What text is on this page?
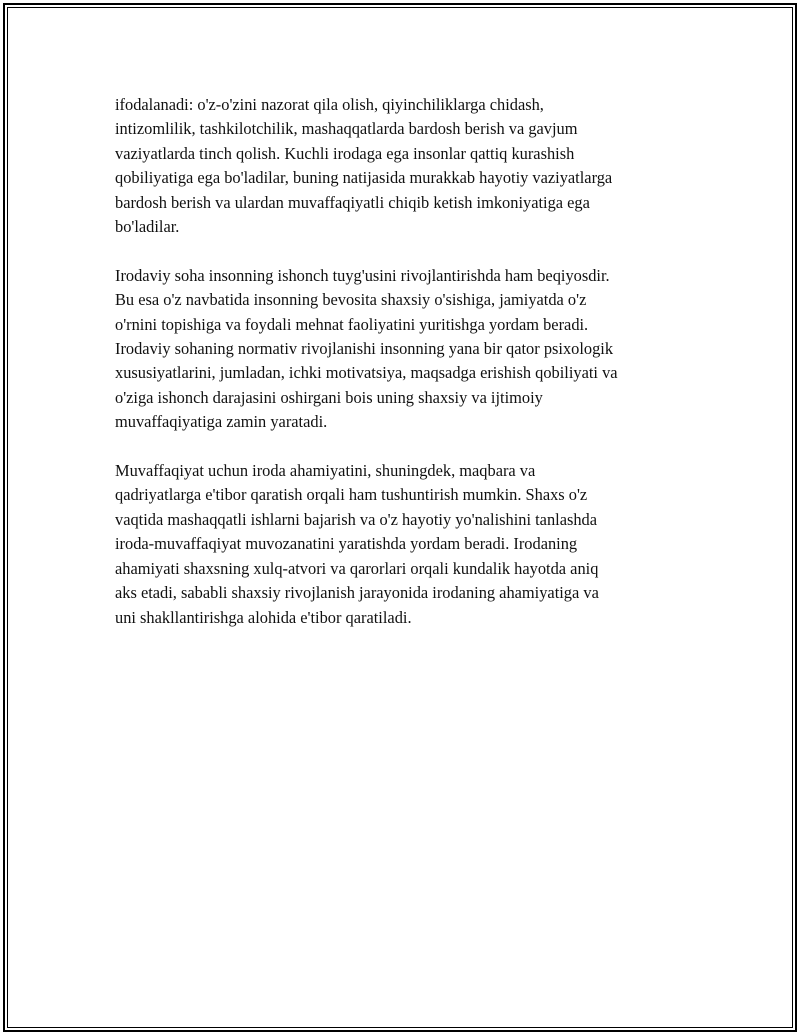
ifodalanadi: o'z-o'zini nazorat qila olish, qiyinchiliklarga chidash,
intizomlilik, tashkilotchilik, mashaqqatlarda bardosh berish va gavjum
vaziyatlarda tinch qolish. Kuchli irodaga ega insonlar qattiq kurashish
qobiliyatiga ega bo'ladilar, buning natijasida murakkab hayotiy vaziyatlarga
bardosh berish va ulardan muvaffaqiyatli chiqib ketish imkoniyatiga ega
bo'ladilar.

Irodaviy soha insonning ishonch tuyg'usini rivojlantirishda ham beqiyosdir.
Bu esa o'z navbatida insonning bevosita shaxsiy o'sishiga, jamiyatda o'z
o'rnini topishiga va foydali mehnat faoliyatini yuritishga yordam beradi.
Irodaviy sohaning normativ rivojlanishi insonning yana bir qator psixologik
xususiyatlarini, jumladan, ichki motivatsiya, maqsadga erishish qobiliyati va
o'ziga ishonch darajasini oshirgani bois uning shaxsiy va ijtimoiy
muvaffaqiyatiga zamin yaratadi.

Muvaffaqiyat uchun iroda ahamiyatini, shuningdek, maqbara va
qadriyatlarga e'tibor qaratish orqali ham tushuntirish mumkin. Shaxs o'z
vaqtida mashaqqatli ishlarni bajarish va o'z hayotiy yo'nalishini tanlashda
iroda-muvaffaqiyat muvozanatini yaratishda yordam beradi. Irodaning
ahamiyati shaxsning xulq-atvori va qarorlari orqali kundalik hayotda aniq
aks etadi, sababli shaxsiy rivojlanish jarayonida irodaning ahamiyatiga va
uni shakllantirishga alohida e'tibor qaratiladi.
